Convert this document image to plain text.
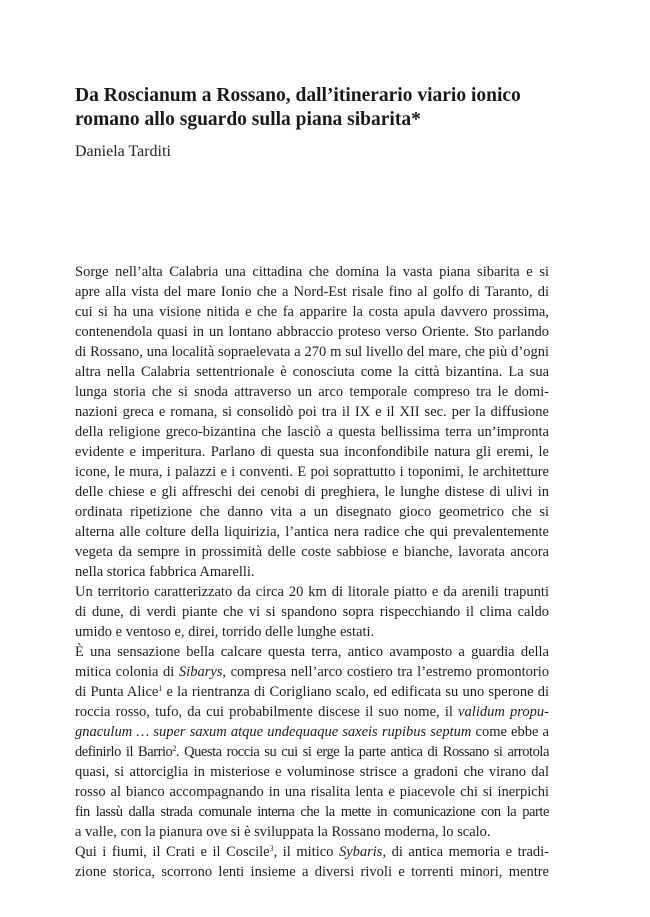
Da Roscianum a Rossano, dall’itinerario viario ionico
romano allo sguardo sulla piana sibarita*

Daniela Tarditi

Sorge nell’alta Calabria una cittadina che domina la vasta piana sibarita e si
apre alla vista del mare Ionio che a Nord-Est risale fino al golfo di Taranto, di
cui si ha una visione nitida e che fa apparire la costa apula davvero prossima,
contenendola quasi in un lontano abbraccio proteso verso Oriente. Sto parlando
di Rossano, una località sopraelevata a 270 m sul livello del mare, che più d’ogni
altra nella Calabria settentrionale è conosciuta come la città bizantina. La sua
lunga storia che si snoda attraverso un arco temporale compreso tra le domi-
nazioni greca e romana, si consolidò poi tra il IX e il XII sec. per la diffusione
della religione greco-bizantina che lasciò a questa bellissima terra un’impronta
evidente e imperitura. Parlano di questa sua inconfondibile natura gli eremi, le
icone, le mura, i palazzi e i conventi. E poi soprattutto i toponimi, le architetture
delle chiese e gli affreschi dei cenobi di preghiera, le lunghe distese di ulivi in
ordinata ripetizione che danno vita a un disegnato gioco geometrico che si
alterna alle colture della liquirizia, l’antica nera radice che qui prevalentemente
vegeta da sempre in prossimità delle coste sabbiose e bianche, lavorata ancora
nella storica fabbrica Amarelli.
Un territorio caratterizzato da circa 20 km di litorale piatto e da arenili trapunti
di dune, di verdi piante che vi si spandono sopra rispecchiando il clima caldo
umido e ventoso e, direi, torrido delle lunghe estati.
È una sensazione bella calcare questa terra, antico avamposto a guardia della
mitica colonia di Sibarys, compresa nell’arco costiero tra l’estremo promontorio
di Punta Alice$^1$ e la rientranza di Corigliano scalo, ed edificata su uno sperone di
roccia rosso, tufo, da cui probabilmente discese il suo nome, il validum propu-
gnaculum … super saxum atque undequaque saxeis rupibus septum come ebbe a
definirlo il Barrio$^2$. Questa roccia su cui si erge la parte antica di Rossano si arrotola
quasi, si attorciglia in misteriose e voluminose strisce a gradoni che virano dal
rosso al bianco accompagnando in una risalita lenta e piacevole chi si inerpichi
fin lassù dalla strada comunale interna che la mette in comunicazione con la parte
a valle, con la pianura ove si è sviluppata la Rossano moderna, lo scalo.
Qui i fiumi, il Crati e il Coscile$^3$, il mitico Sybaris, di antica memoria e tradi-
zione storica, scorrono lenti insieme a diversi rivoli e torrenti minori, mentre
